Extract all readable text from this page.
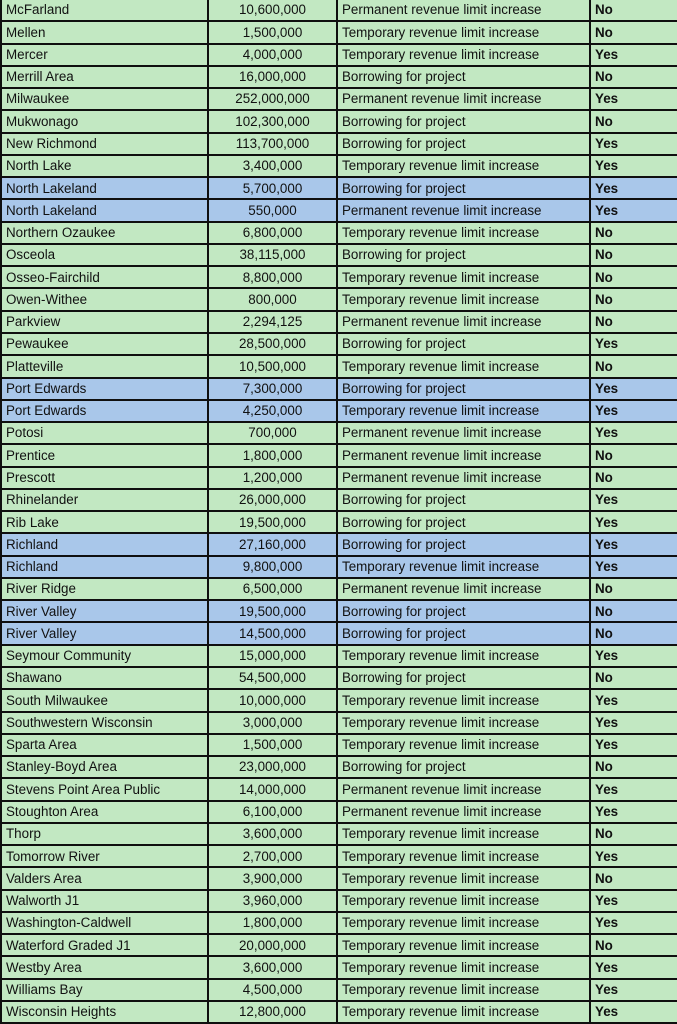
McFarland	10,600,000	Permanent revenue limit increase	No
Mellen	1,500,000	Temporary revenue limit increase	No
Mercer	4,000,000	Temporary revenue limit increase	Yes
Merrill Area	16,000,000	Borrowing for project	No
Milwaukee	252,000,000	Permanent revenue limit increase	Yes
Mukwonago	102,300,000	Borrowing for project	No
New Richmond	113,700,000	Borrowing for project	Yes
North Lake	3,400,000	Temporary revenue limit increase	Yes
North Lakeland	5,700,000	Borrowing for project	Yes
North Lakeland	550,000	Permanent revenue limit increase	Yes
Northern Ozaukee	6,800,000	Temporary revenue limit increase	No
Osceola	38,115,000	Borrowing for project	No
Osseo-Fairchild	8,800,000	Temporary revenue limit increase	No
Owen-Withee	800,000	Temporary revenue limit increase	No
Parkview	2,294,125	Permanent revenue limit increase	No
Pewaukee	28,500,000	Borrowing for project	Yes
Platteville	10,500,000	Temporary revenue limit increase	No
Port Edwards	7,300,000	Borrowing for project	Yes
Port Edwards	4,250,000	Temporary revenue limit increase	Yes
Potosi	700,000	Permanent revenue limit increase	Yes
Prentice	1,800,000	Permanent revenue limit increase	No
Prescott	1,200,000	Permanent revenue limit increase	No
Rhinelander	26,000,000	Borrowing for project	Yes
Rib Lake	19,500,000	Borrowing for project	Yes
Richland	27,160,000	Borrowing for project	Yes
Richland	9,800,000	Temporary revenue limit increase	Yes
River Ridge	6,500,000	Permanent revenue limit increase	No
River Valley	19,500,000	Borrowing for project	No
River Valley	14,500,000	Borrowing for project	No
Seymour Community	15,000,000	Temporary revenue limit increase	Yes
Shawano	54,500,000	Borrowing for project	No
South Milwaukee	10,000,000	Temporary revenue limit increase	Yes
Southwestern Wisconsin	3,000,000	Temporary revenue limit increase	Yes
Sparta Area	1,500,000	Temporary revenue limit increase	Yes
Stanley-Boyd Area	23,000,000	Borrowing for project	No
Stevens Point Area Public	14,000,000	Permanent revenue limit increase	Yes
Stoughton Area	6,100,000	Permanent revenue limit increase	Yes
Thorp	3,600,000	Temporary revenue limit increase	No
Tomorrow River	2,700,000	Temporary revenue limit increase	Yes
Valders Area	3,900,000	Temporary revenue limit increase	No
Walworth J1	3,960,000	Temporary revenue limit increase	Yes
Washington-Caldwell	1,800,000	Temporary revenue limit increase	Yes
Waterford Graded J1	20,000,000	Temporary revenue limit increase	No
Westby Area	3,600,000	Temporary revenue limit increase	Yes
Williams Bay	4,500,000	Temporary revenue limit increase	Yes
Wisconsin Heights	12,800,000	Temporary revenue limit increase	Yes
